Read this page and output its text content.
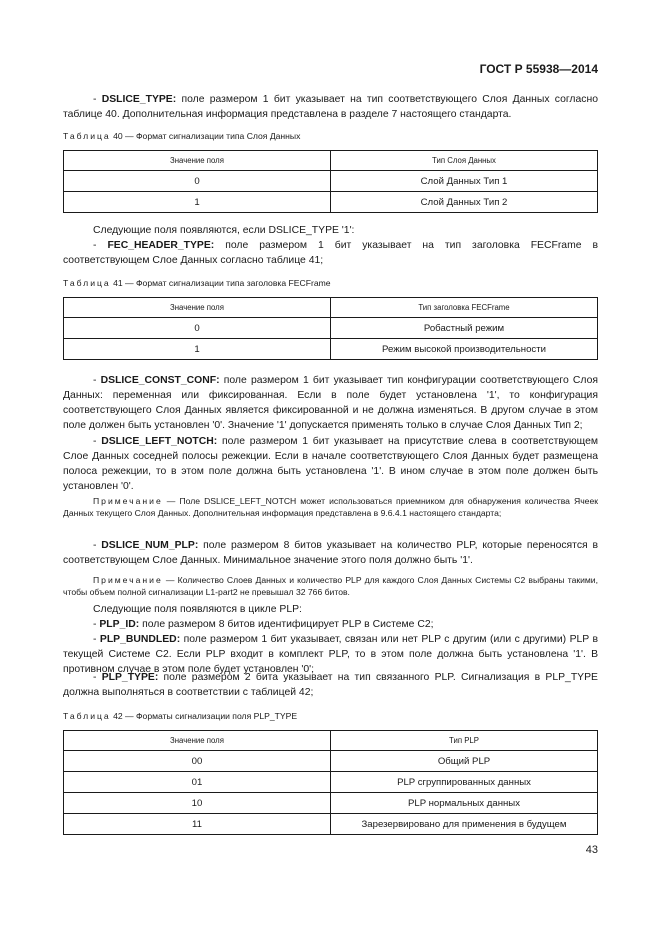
ГОСТ Р 55938—2014

- DSLICE_TYPE: поле размером 1 бит указывает на тип соответствующего Слоя Данных согласно таблице 40. Дополнительная информация представлена в разделе 7 настоящего стандарта.

Таблица 40 — Формат сигнализации типа Слоя Данных
Значение поля	Тип Слоя Данных
0	Слой Данных Тип 1
1	Слой Данных Тип 2

Следующие поля появляются, если DSLICE_TYPE '1':

- FEC_HEADER_TYPE: поле размером 1 бит указывает на тип заголовка FECFrame в соответствующем Слое Данных согласно таблице 41;

Таблица 41 — Формат сигнализации типа заголовка FECFrame
Значение поля	Тип заголовка FECFrame
0	Робастный режим
1	Режим высокой производительности

- DSLICE_CONST_CONF: поле размером 1 бит указывает тип конфигурации соответствующего Слоя Данных: переменная или фиксированная. Если в поле будет установлена '1', то конфигурация соответствующего Слоя Данных является фиксированной и не должна изменяться. В другом случае в этом поле должен быть установлен '0'. Значение '1' допускается применять только в случае Слоя Данных Тип 2;

- DSLICE_LEFT_NOTCH: поле размером 1 бит указывает на присутствие слева в соответствующем Слое Данных соседней полосы режекции. Если в начале соответствующего Слоя Данных будет размещена полоса режекции, то в этом поле должна быть установлена '1'. В ином случае в этом поле должен быть установлен '0'.

Примечание — Поле DSLICE_LEFT_NOTCH может использоваться приемником для обнаружения количества Ячеек Данных текущего Слоя Данных. Дополнительная информация представлена в 9.6.4.1 настоящего стандарта;

- DSLICE_NUM_PLP: поле размером 8 битов указывает на количество PLP, которые переносятся в соответствующем Слое Данных. Минимальное значение этого поля должно быть '1'.

Примечание — Количество Слоев Данных и количество PLP для каждого Слоя Данных Системы C2 выбраны такими, чтобы объем полной сигнализации L1-part2 не превышал 32 766 битов.

Следующие поля появляются в цикле PLP:

- PLP_ID: поле размером 8 битов идентифицирует PLP в Системе C2;

- PLP_BUNDLED: поле размером 1 бит указывает, связан или нет PLP с другим (или с другими) PLP в текущей Системе C2. Если PLP входит в комплект PLP, то в этом поле должна быть установлена '1'. В противном случае в этом поле будет установлен '0';

- PLP_TYPE: поле размером 2 бита указывает на тип связанного PLP. Сигнализация в PLP_TYPE должна выполняться в соответствии с таблицей 42;

Таблица 42 — Форматы сигнализации поля PLP_TYPE
Значение поля	Тип PLP
00	Общий PLP
01	PLP сгруппированных данных
10	PLP нормальных данных
11	Зарезервировано для применения в будущем
43
